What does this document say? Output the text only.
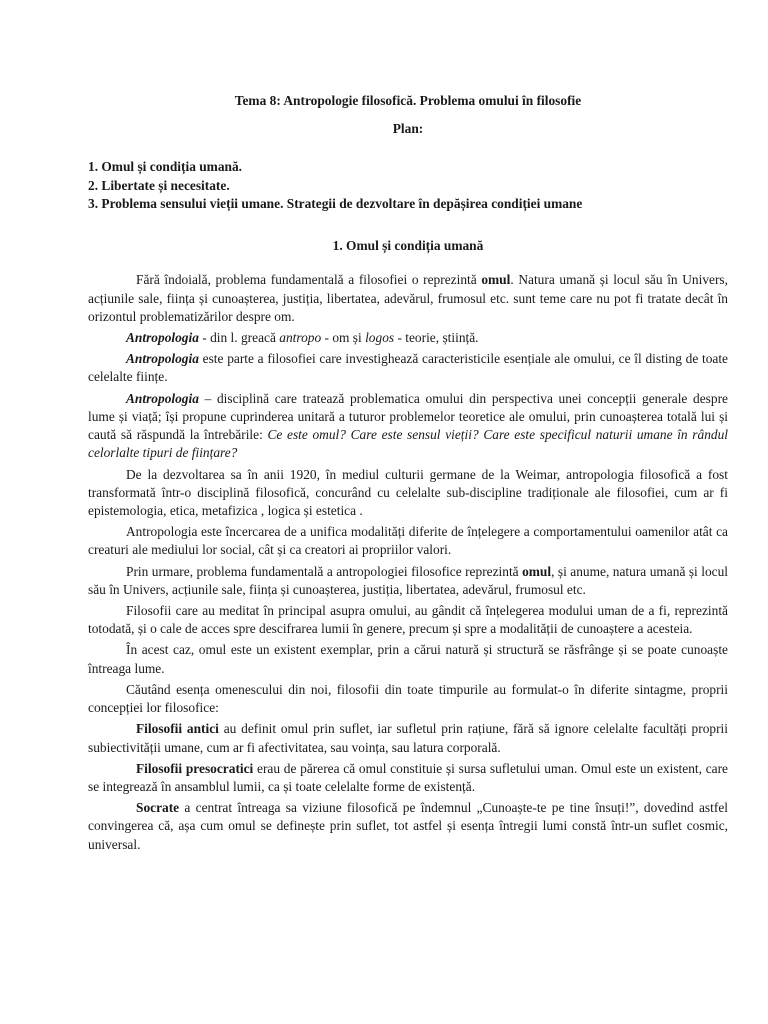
Tema 8: Antropologie filosofică. Problema omului în filosofie
Plan:
1. Omul și condiția umană.
2. Libertate și necesitate.
3. Problema sensului vieții umane. Strategii de dezvoltare în depășirea condiției umane
1. Omul și condiția umană

Fără îndoială, problema fundamentală a filosofiei o reprezintă omul. Natura umană și locul său în Univers, acțiunile sale, ființa și cunoașterea, justiția, libertatea, adevărul, frumosul etc. sunt teme care nu pot fi tratate decât în orizontul problematizărilor despre om.

Antropologia - din l. greacă antropo - om și logos - teorie, știință.

Antropologia este parte a filosofiei care investighează caracteristicile esențiale ale omului, ce îl disting de toate celelalte ființe.

Antropologia – disciplină care tratează problematica omului din perspectiva unei concepții generale despre lume și viață; își propune cuprinderea unitară a tuturor problemelor teoretice ale omului, prin cunoașterea totală lui și caută să răspundă la întrebările: Ce este omul? Care este sensul vieții? Care este specificul naturii umane în rândul celorlalte tipuri de ființare?

De la dezvoltarea sa în anii 1920, în mediul culturii germane de la Weimar, antropologia filosofică a fost transformată într-o disciplină filosofică, concurând cu celelalte sub-discipline tradiționale ale filosofiei, cum ar fi epistemologia, etica, metafizica , logica și estetica .

Antropologia este încercarea de a unifica modalități diferite de înțelegere a comportamentului oamenilor atât ca creaturi ale mediului lor social, cât și ca creatori ai propriilor valori.

Prin urmare, problema fundamentală a antropologiei filosofice reprezintă omul, și anume, natura umană și locul său în Univers, acțiunile sale, ființa și cunoașterea, justiția, libertatea, adevărul, frumosul etc.

Filosofii care au meditat în principal asupra omului, au gândit că înțelegerea modului uman de a fi, reprezintă totodată, și o cale de acces spre descifrarea lumii în genere, precum și spre a modalității de cunoaștere a acesteia.

În acest caz, omul este un existent exemplar, prin a cărui natură și structură se răsfrânge și se poate cunoaște întreaga lume.

Căutând esența omenescului din noi, filosofii din toate timpurile au formulat-o în diferite sintagme, proprii concepției lor filosofice:

Filosofii antici au definit omul prin suflet, iar sufletul prin rațiune, fără să ignore celelalte facultăți proprii subiectivității umane, cum ar fi afectivitatea, sau voința, sau latura corporală.

Filosofii presocratici erau de părerea că omul constituie și sursa sufletului uman. Omul este un existent, care se integrează în ansamblul lumii, ca și toate celelalte forme de existență.

Socrate a centrat întreaga sa viziune filosofică pe îndemnul „Cunoaște-te pe tine însuți!”, dovedind astfel convingerea că, așa cum omul se definește prin suflet, tot astfel și esența întregii lumi constă într-un suflet cosmic, universal.
